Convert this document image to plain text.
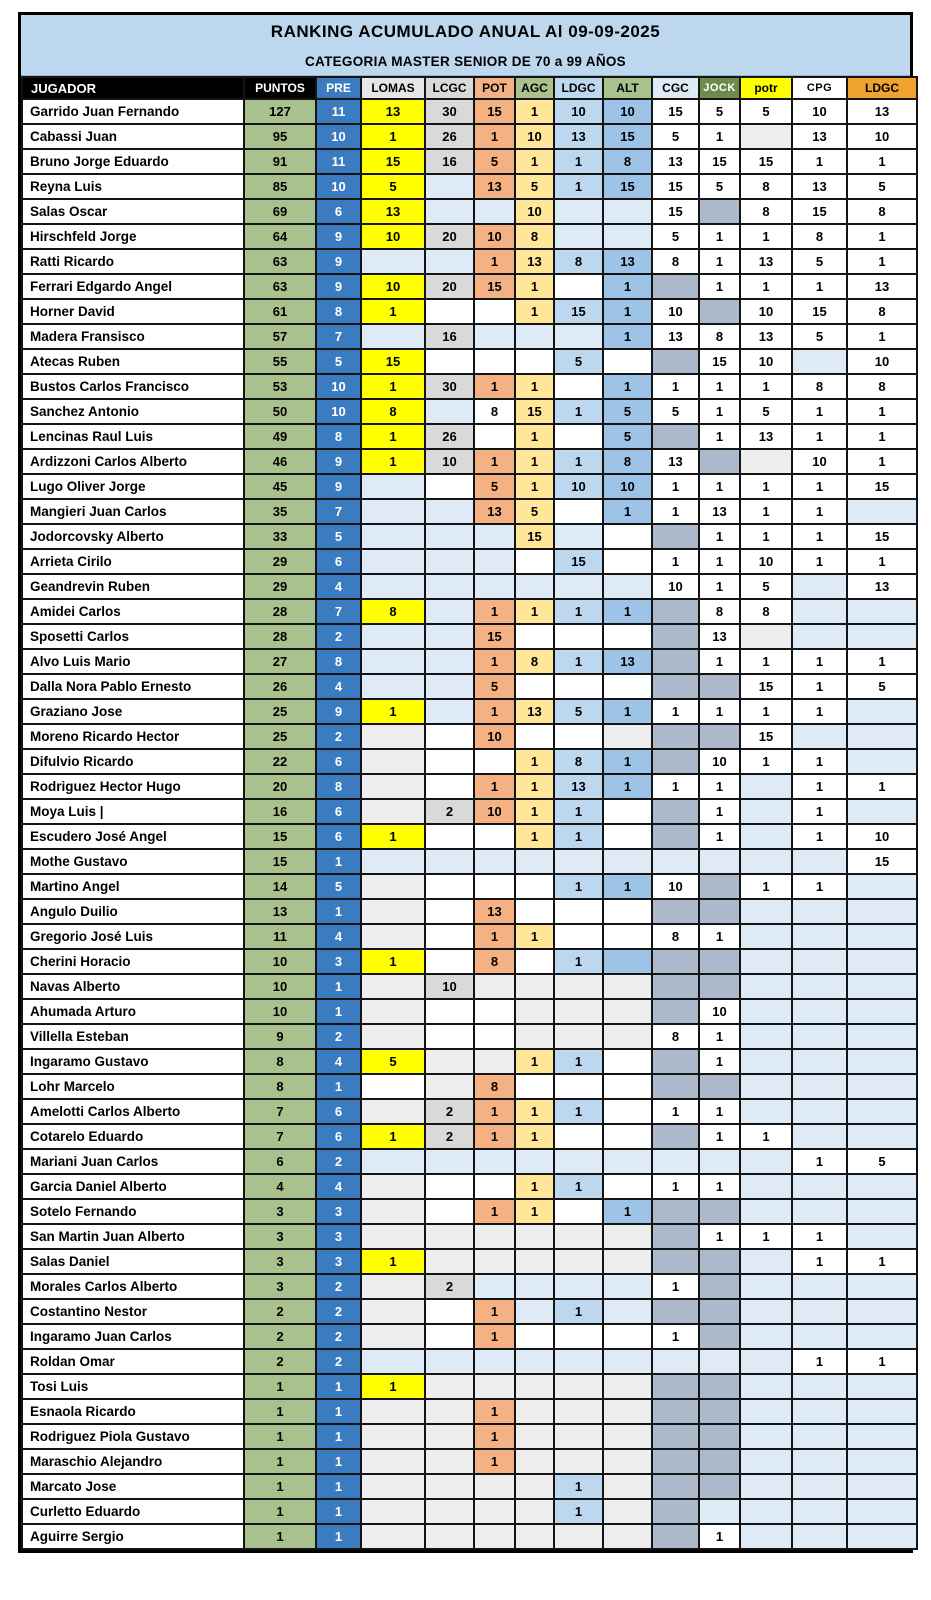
RANKING ACUMULADO ANUAL Al 09-09-2025
CATEGORIA MASTER SENIOR DE 70 a 99 AÑOS
JUGADOR	PUNTOS	PRE	LOMAS	LCGC	POT	AGC	LDGC	ALT	CGC	JOCK	potr	CPG	LDGC
Garrido Juan Fernando	127	11	13	30	15	1	10	10	15	5	5	10	13
Cabassi Juan	95	10	1	26	1	10	13	15	5	1		13	10
Bruno Jorge Eduardo	91	11	15	16	5	1	1	8	13	15	15	1	1
Reyna Luis	85	10	5		13	5	1	15	15	5	8	13	5
Salas Oscar	69	6	13			10			15		8	15	8
Hirschfeld Jorge	64	9	10	20	10	8			5	1	1	8	1
Ratti Ricardo	63	9			1	13	8	13	8	1	13	5	1
Ferrari Edgardo Angel	63	9	10	20	15	1		1		1	1	1	13
Horner David	61	8	1			1	15	1	10		10	15	8
Madera Fransisco	57	7		16				1	13	8	13	5	1
Atecas Ruben	55	5	15				5			15	10		10
Bustos Carlos Francisco	53	10	1	30	1	1		1	1	1	1	8	8
Sanchez Antonio	50	10	8		8	15	1	5	5	1	5	1	1
Lencinas Raul Luis	49	8	1	26		1		5		1	13	1	1
Ardizzoni Carlos Alberto	46	9	1	10	1	1	1	8	13			10	1
Lugo Oliver Jorge	45	9			5	1	10	10	1	1	1	1	15
Mangieri Juan Carlos	35	7			13	5		1	1	13	1	1	
Jodorcovsky Alberto	33	5				15				1	1	1	15
Arrieta Cirilo	29	6					15		1	1	10	1	1
Geandrevin Ruben	29	4							10	1	5		13
Amidei Carlos	28	7	8		1	1	1	1		8	8		
Sposetti Carlos	28	2			15					13			
Alvo Luis Mario	27	8			1	8	1	13		1	1	1	1
Dalla Nora Pablo Ernesto	26	4			5						15	1	5
Graziano Jose	25	9	1		1	13	5	1	1	1	1	1	
Moreno Ricardo Hector	25	2			10						15		
Difulvio Ricardo	22	6				1	8	1		10	1	1	
Rodriguez Hector Hugo	20	8			1	1	13	1	1	1		1	1
Moya Luis |	16	6		2	10	1	1			1		1	
Escudero José Angel	15	6	1			1	1			1		1	10
Mothe Gustavo	15	1											15
Martino Angel	14	5					1	1	10		1	1	
Angulo Duilio	13	1			13								
Gregorio José Luis	11	4			1	1			8	1			
Cherini Horacio	10	3	1		8		1						
Navas Alberto	10	1		10									
Ahumada Arturo	10	1								10			
Villella Esteban	9	2							8	1			
Ingaramo Gustavo	8	4	5			1	1			1			
Lohr Marcelo	8	1			8								
Amelotti Carlos Alberto	7	6		2	1	1	1		1	1			
Cotarelo Eduardo	7	6	1	2	1	1				1	1		
Mariani Juan Carlos	6	2										1	5
Garcia Daniel Alberto	4	4				1	1		1	1			
Sotelo Fernando	3	3			1	1		1					
San Martin Juan Alberto	3	3								1	1	1	
Salas Daniel	3	3	1									1	1
Morales Carlos Alberto	3	2		2					1				
Costantino Nestor	2	2			1		1						
Ingaramo Juan Carlos	2	2			1				1				
Roldan Omar	2	2										1	1
Tosi Luis	1	1	1										
Esnaola Ricardo	1	1			1								
Rodriguez Piola Gustavo	1	1			1								
Maraschio Alejandro	1	1			1								
Marcato Jose	1	1					1						
Curletto Eduardo	1	1					1						
Aguirre Sergio	1	1								1			
